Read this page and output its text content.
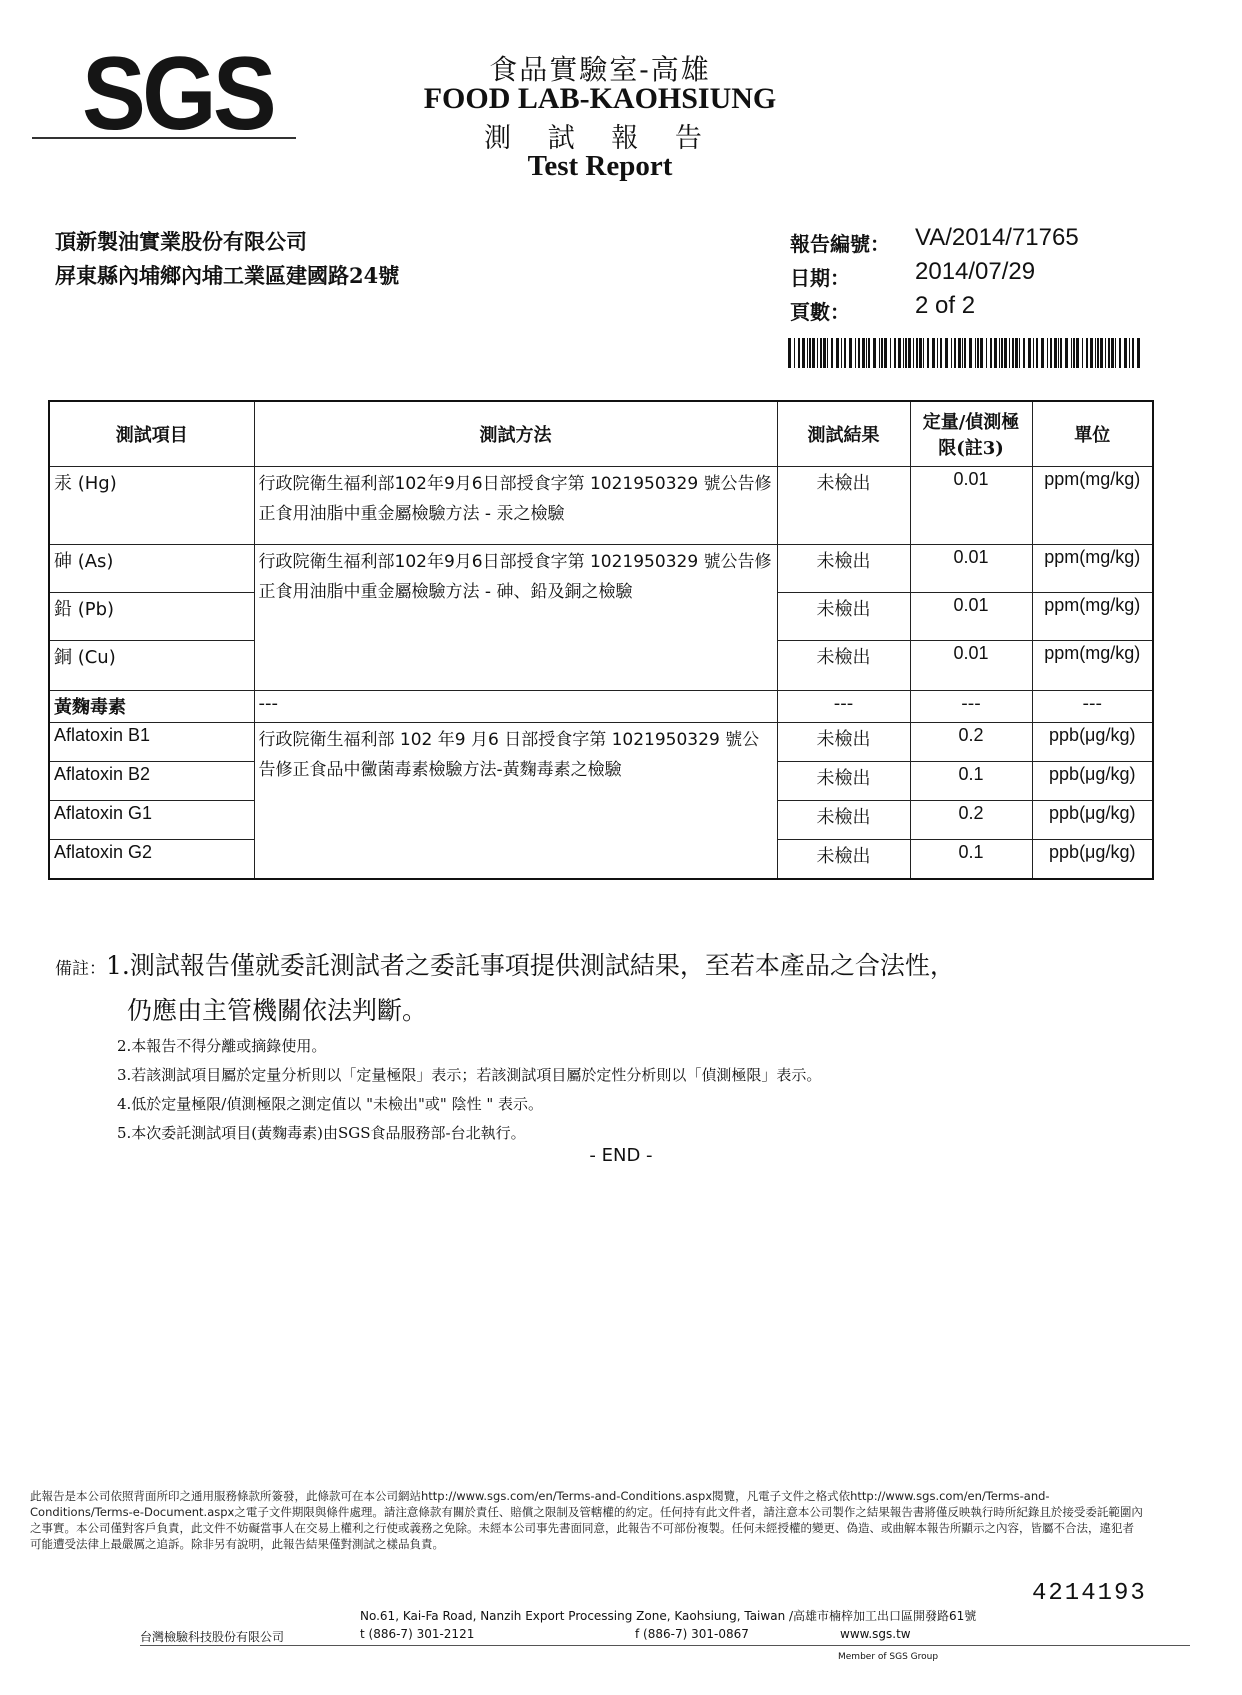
SGS	食品實驗室-高雄
FOOD LAB-KAOHSIUNG
測 試 報 告
Test Report
頂新製油實業股份有限公司
屏東縣內埔鄉內埔工業區建國路24號
報告編號： VA/2014/71765
日期：	2014/07/29
頁數：	2 of 2
測試項目	測試方法	測試結果	定量/偵測極限(註3)	單位
汞 (Hg)	行政院衛生福利部102年9月6日部授食字第 1021950329 號公告修正食用油脂中重金屬檢驗方法 - 汞之檢驗	未檢出	0.01	ppm(mg/kg)
砷 (As)	行政院衛生福利部102年9月6日部授食字第 1021950329 號公告修正食用油脂中重金屬檢驗方法 - 砷、鉛及銅之檢驗	未檢出	0.01	ppm(mg/kg)
鉛 (Pb)		未檢出	0.01	ppm(mg/kg)
銅 (Cu)		未檢出	0.01	ppm(mg/kg)
黃麴毒素	---	---	---	---
Aflatoxin B1	行政院衛生福利部 102 年9 月6 日部授食字第 1021950329 號公告修正食品中黴菌毒素檢驗方法-黃麴毒素之檢驗	未檢出	0.2	ppb(μg/kg)
Aflatoxin B2		未檢出	0.1	ppb(μg/kg)
Aflatoxin G1		未檢出	0.2	ppb(μg/kg)
Aflatoxin G2		未檢出	0.1	ppb(μg/kg)
備註：1.測試報告僅就委託測試者之委託事項提供測試結果，至若本產品之合法性，
仍應由主管機關依法判斷。
2.本報告不得分離或摘錄使用。
3.若該測試項目屬於定量分析則以「定量極限」表示；若該測試項目屬於定性分析則以「偵測極限」表示。
4.低於定量極限/偵測極限之測定值以 "未檢出"或" 陰性 " 表示。
5.本次委託測試項目(黃麴毒素)由SGS食品服務部-台北執行。
- END -
此報告是本公司依照背面所印之通用服務條款所簽發，此條款可在本公司網站http://www.sgs.com/en/Terms-and-Conditions.aspx閱覽，凡電子文件之格式依http://www.sgs.com/en/Terms-and-Conditions/Terms-e-Document.aspx之電子文件期限與條件處理。請注意條款有關於責任、賠償之限制及管轄權的約定。任何持有此文件者，請注意本公司製作之結果報告書將僅反映執行時所紀錄且於接受委託範圍內之事實。本公司僅對客戶負責，此文件不妨礙當事人在交易上權利之行使或義務之免除。未經本公司事先書面同意，此報告不可部份複製。任何未經授權的變更、偽造、或曲解本報告所顯示之內容，皆屬不合法，違犯者可能遭受法律上最嚴厲之追訴。除非另有說明，此報告結果僅對測試之樣品負責。
4214193
No.61, Kai-Fa Road, Nanzih Export Processing Zone, Kaohsiung, Taiwan /高雄市楠梓加工出口區開發路61號
台灣檢驗科技股份有限公司	t (886-7) 301-2121	f (886-7) 301-0867	www.sgs.tw
Member of SGS Group
